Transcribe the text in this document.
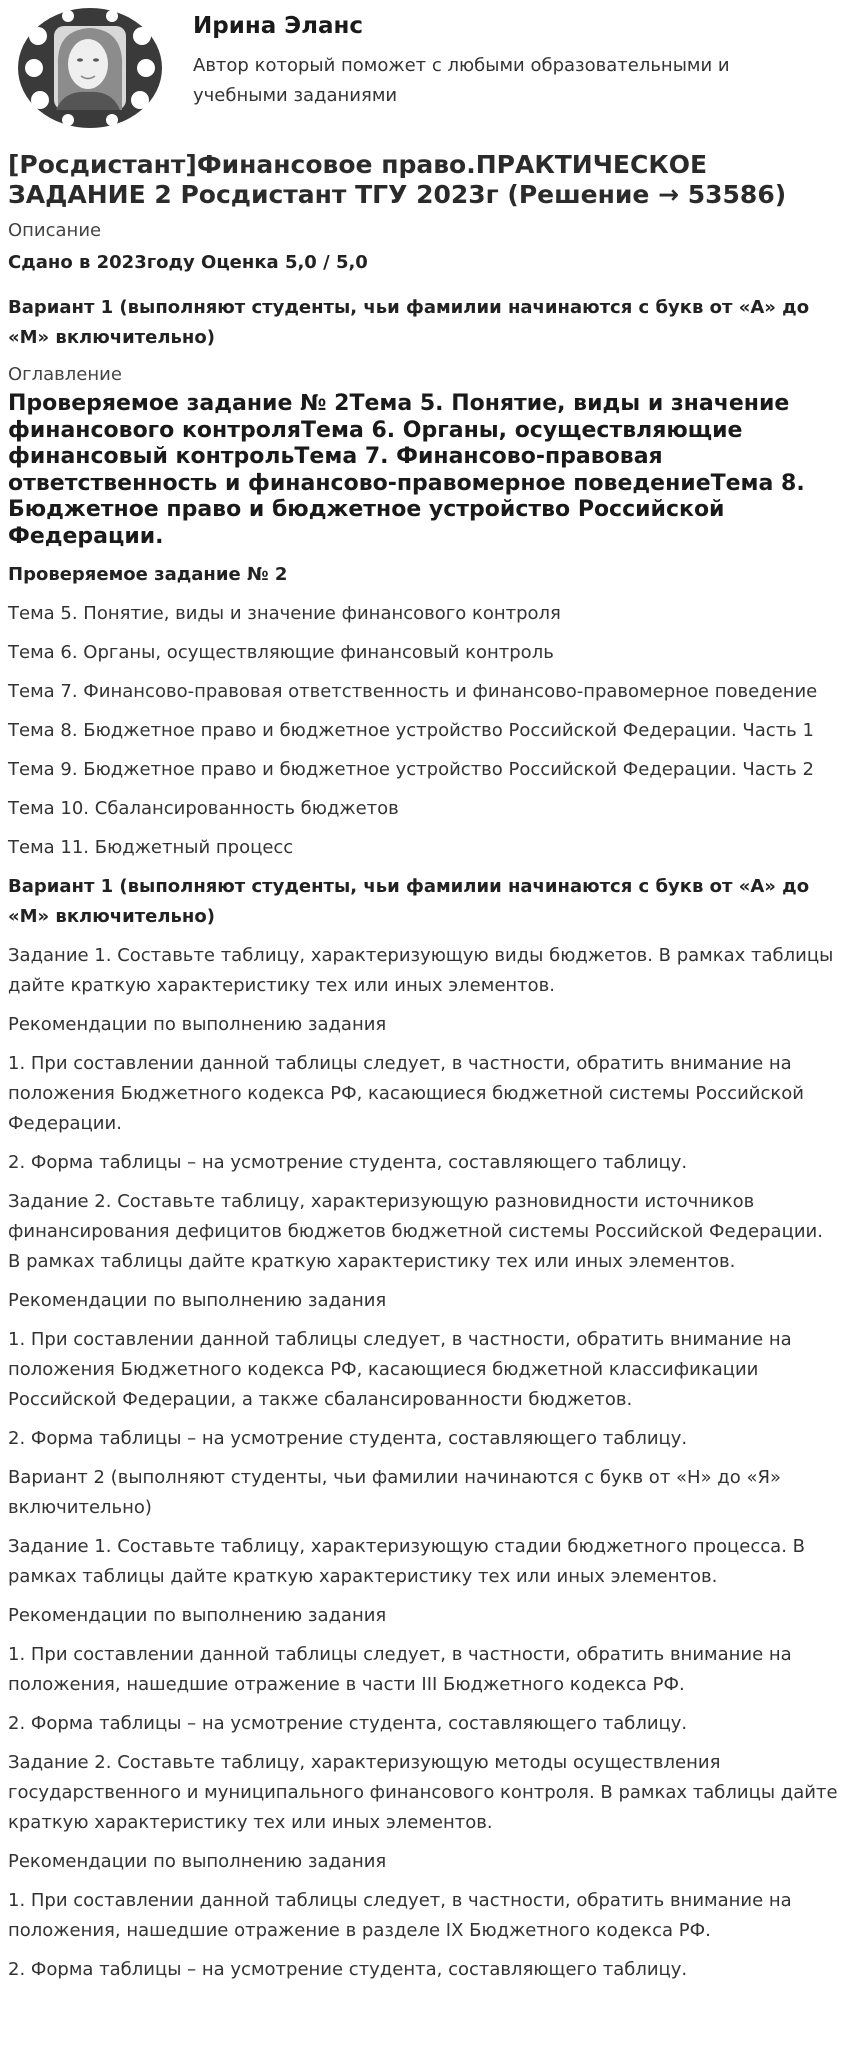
Ирина Эланс
Автор который поможет с любыми образовательными и учебными заданиями
[Росдистант]Финансовое право.ПРАКТИЧЕСКОЕ ЗАДАНИЕ 2 Росдистант ТГУ 2023г (Решение → 53586)
Описание
Сдано в 2023году Оценка 5,0 / 5,0
Вариант 1 (выполняют студенты, чьи фамилии начинаются с букв от «А» до «М» включительно)
Оглавление
Проверяемое задание № 2Тема 5. Понятие, виды и значение финансового контроляТема 6. Органы, осуществляющие финансовый контрольТема 7. Финансово-правовая ответственность и финансово-правомерное поведениеТема 8. Бюджетное право и бюджетное устройство Российской Федерации.

Проверяемое задание № 2

Тема 5. Понятие, виды и значение финансового контроля

Тема 6. Органы, осуществляющие финансовый контроль

Тема 7. Финансово-правовая ответственность и финансово-правомерное поведение

Тема 8. Бюджетное право и бюджетное устройство Российской Федерации. Часть 1

Тема 9. Бюджетное право и бюджетное устройство Российской Федерации. Часть 2

Тема 10. Сбалансированность бюджетов

Тема 11. Бюджетный процесс

Вариант 1 (выполняют студенты, чьи фамилии начинаются с букв от «А» до «М» включительно)

Задание 1. Составьте таблицу, характеризующую виды бюджетов. В рамках таблицы дайте краткую характеристику тех или иных элементов.

Рекомендации по выполнению задания

1. При составлении данной таблицы следует, в частности, обратить внимание на положения Бюджетного кодекса РФ, касающиеся бюджетной системы Российской Федерации.

2. Форма таблицы – на усмотрение студента, составляющего таблицу.

Задание 2. Составьте таблицу, характеризующую разновидности источников финансирования дефицитов бюджетов бюджетной системы Российской Федерации. В рамках таблицы дайте краткую характеристику тех или иных элементов.

Рекомендации по выполнению задания

1. При составлении данной таблицы следует, в частности, обратить внимание на положения Бюджетного кодекса РФ, касающиеся бюджетной классификации Российской Федерации, а также сбалансированности бюджетов.

2. Форма таблицы – на усмотрение студента, составляющего таблицу.

Вариант 2 (выполняют студенты, чьи фамилии начинаются с букв от «Н» до «Я» включительно)

Задание 1. Составьте таблицу, характеризующую стадии бюджетного процесса. В рамках таблицы дайте краткую характеристику тех или иных элементов.

Рекомендации по выполнению задания

1. При составлении данной таблицы следует, в частности, обратить внимание на положения, нашедшие отражение в части III Бюджетного кодекса РФ.

2. Форма таблицы – на усмотрение студента, составляющего таблицу.

Задание 2. Составьте таблицу, характеризующую методы осуществления государственного и муниципального финансового контроля. В рамках таблицы дайте краткую характеристику тех или иных элементов.

Рекомендации по выполнению задания

1. При составлении данной таблицы следует, в частности, обратить внимание на положения, нашедшие отражение в разделе IX Бюджетного кодекса РФ.

2. Форма таблицы – на усмотрение студента, составляющего таблицу.
